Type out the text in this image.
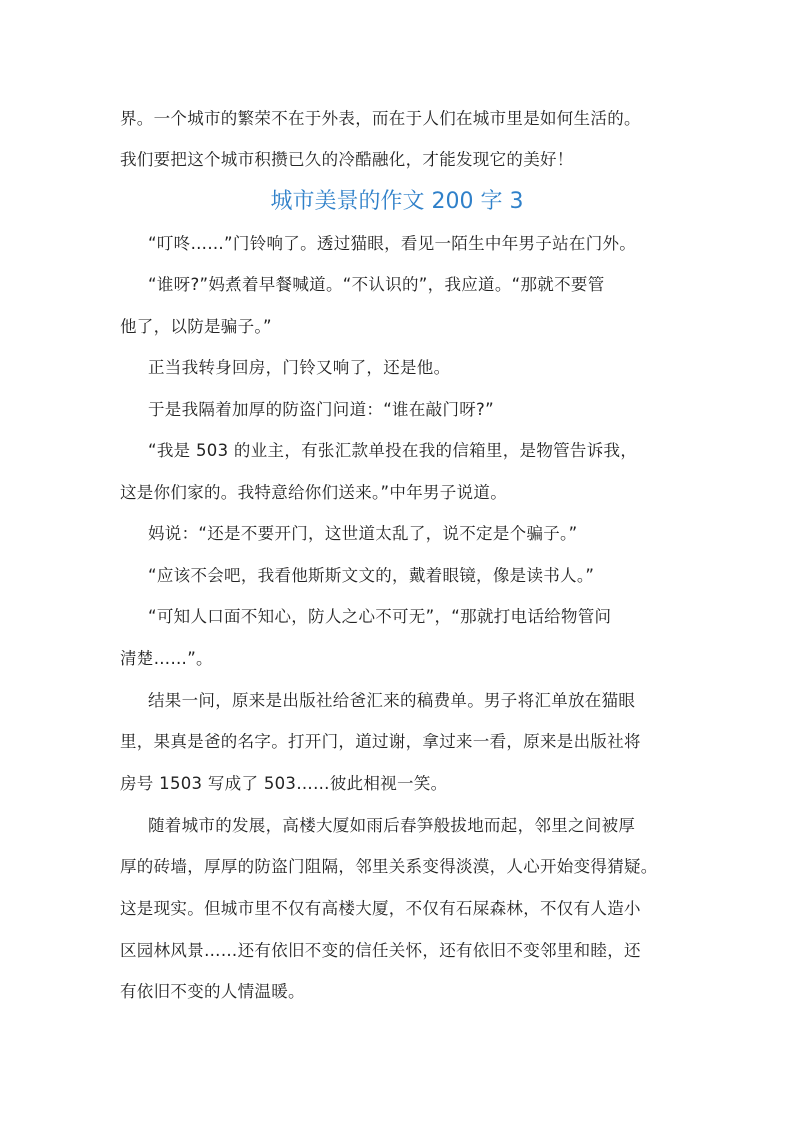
界。一个城市的繁荣不在于外表，而在于人们在城市里是如何生活的。
我们要把这个城市积攒已久的冷酷融化，才能发现它的美好！
城市美景的作文 200 字 3
“叮咚……”门铃响了。透过猫眼，看见一陌生中年男子站在门外。
“谁呀?”妈煮着早餐喊道。“不认识的”，我应道。“那就不要管
他了，以防是骗子。”
正当我转身回房，门铃又响了，还是他。
于是我隔着加厚的防盗门问道：“谁在敲门呀?”
“我是 503 的业主，有张汇款单投在我的信箱里，是物管告诉我，
这是你们家的。我特意给你们送来。”中年男子说道。
妈说：“还是不要开门，这世道太乱了，说不定是个骗子。”
“应该不会吧，我看他斯斯文文的，戴着眼镜，像是读书人。”
“可知人口面不知心，防人之心不可无”，“那就打电话给物管问
清楚……”。
结果一问，原来是出版社给爸汇来的稿费单。男子将汇单放在猫眼
里，果真是爸的名字。打开门，道过谢，拿过来一看，原来是出版社将
房号 1503 写成了 503……彼此相视一笑。
随着城市的发展，高楼大厦如雨后春笋般拔地而起，邻里之间被厚
厚的砖墙，厚厚的防盗门阻隔，邻里关系变得淡漠，人心开始变得猜疑。
这是现实。但城市里不仅有高楼大厦，不仅有石屎森林，不仅有人造小
区园林风景……还有依旧不变的信任关怀，还有依旧不变邻里和睦，还
有依旧不变的人情温暖。
